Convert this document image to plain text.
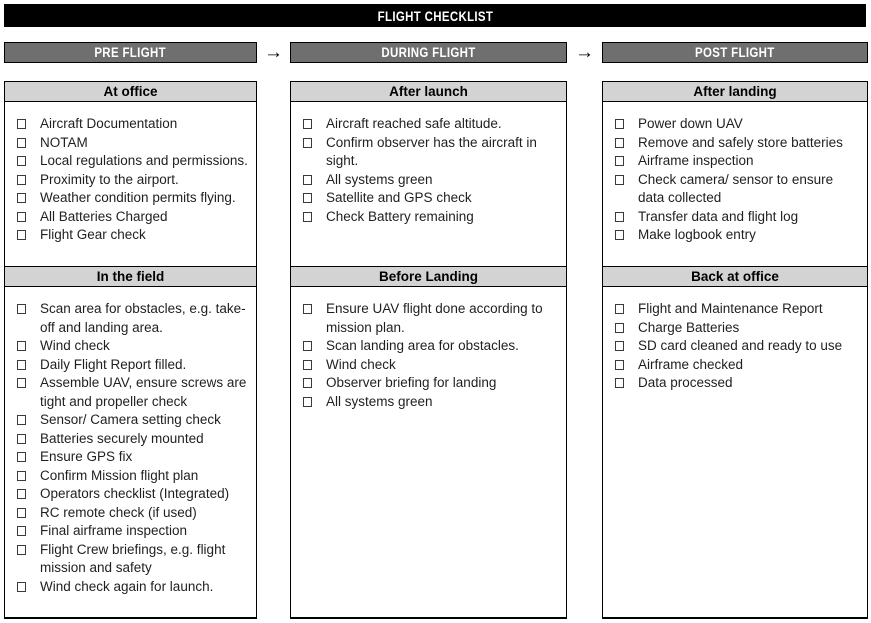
FLIGHT CHECKLIST
PRE FLIGHT
At office
Aircraft Documentation
NOTAM
Local regulations and permissions.
Proximity to the airport.
Weather condition permits flying.
All Batteries Charged
Flight Gear check
In the field
Scan area for obstacles, e.g. take-off and landing area.
Wind check
Daily Flight Report filled.
Assemble UAV, ensure screws are tight and propeller check
Sensor/ Camera setting check
Batteries securely mounted
Ensure GPS fix
Confirm Mission flight plan
Operators checklist (Integrated)
RC remote check (if used)
Final airframe inspection
Flight Crew briefings, e.g. flight mission and safety
Wind check again for launch.
→	DURING FLIGHT
After launch
Aircraft reached safe altitude.
Confirm observer has the aircraft in sight.
All systems green
Satellite and GPS check
Check Battery remaining
Before Landing
Ensure UAV flight done according to mission plan.
Scan landing area for obstacles.
Wind check
Observer briefing for landing
All systems green
→	POST FLIGHT
After landing
Power down UAV
Remove and safely store batteries
Airframe inspection
Check camera/ sensor to ensure data collected
Transfer data and flight log
Make logbook entry
Back at office
Flight and Maintenance Report
Charge Batteries
SD card cleaned and ready to use
Airframe checked
Data processed
